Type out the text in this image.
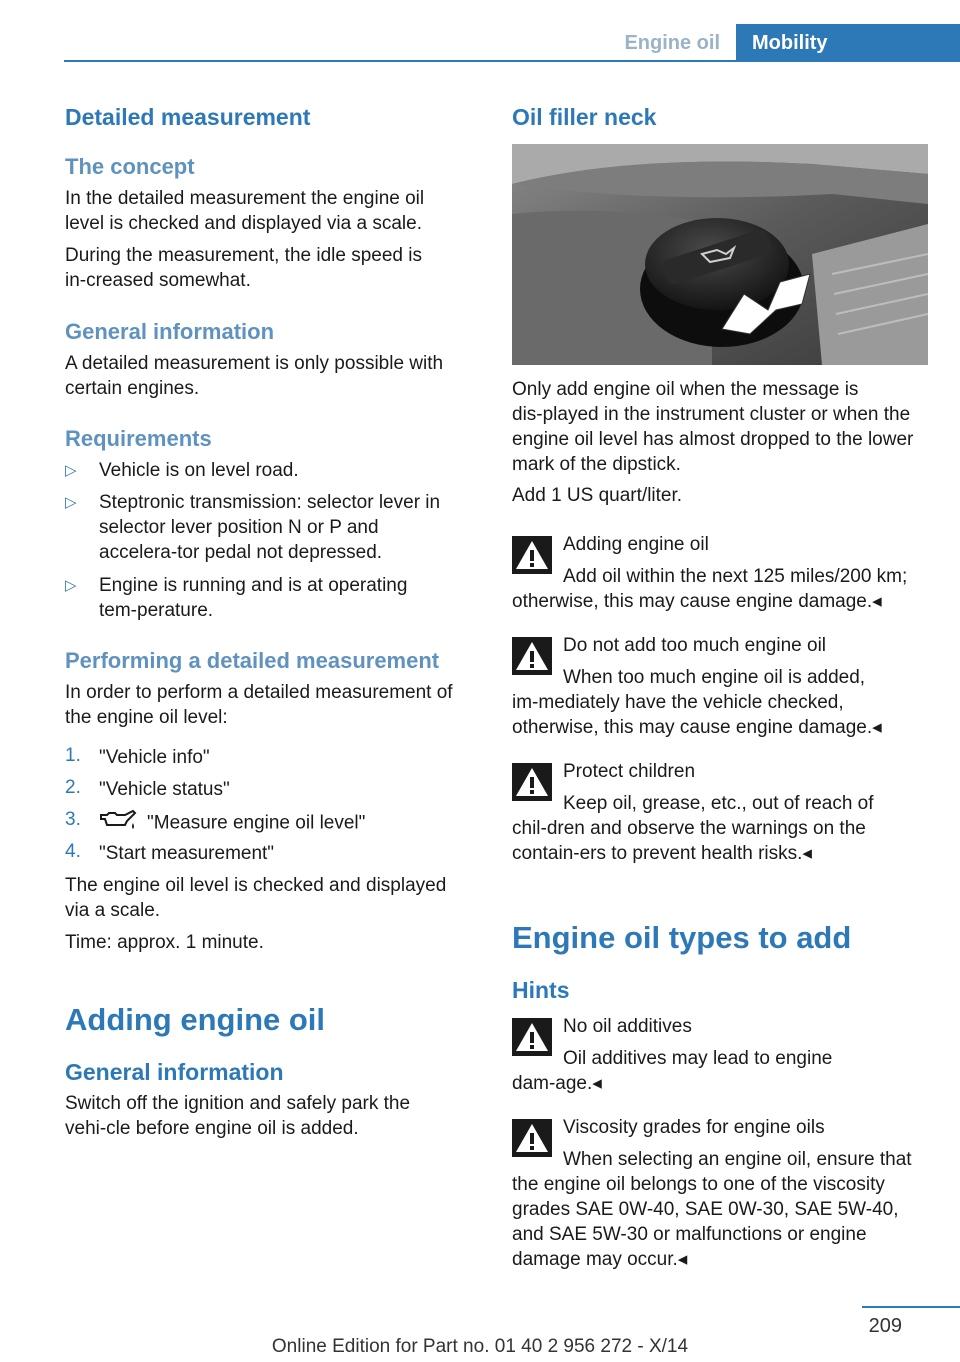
Engine oil	Mobility
Detailed measurement
The concept

In the detailed measurement the engine oil level is checked and displayed via a scale.

During the measurement, the idle speed is in‑creased somewhat.

General information

A detailed measurement is only possible with certain engines.

Requirements
▷ Vehicle is on level road.
▷ Steptronic transmission: selector lever in selector lever position N or P and accelera‑tor pedal not depressed.
▷ Engine is running and is at operating tem‑perature.
Performing a detailed measurement

In order to perform a detailed measurement of the engine oil level:

1. "Vehicle info"
2. "Vehicle status"
3.	"Measure engine oil level"
4. "Start measurement"

The engine oil level is checked and displayed via a scale.

Time: approx. 1 minute.

Adding engine oil
General information

Switch off the ignition and safely park the vehi‑cle before engine oil is added.

Oil filler neck

Only add engine oil when the message is dis‑played in the instrument cluster or when the engine oil level has almost dropped to the lower mark of the dipstick.

Add 1 US quart/liter.

Adding engine oil
Add oil within the next 125 miles/200 km; otherwise, this may cause engine damage.◂
Do not add too much engine oil
When too much engine oil is added, im‑mediately have the vehicle checked, otherwise, this may cause engine damage.◂
Protect children
Keep oil, grease, etc., out of reach of chil‑dren and observe the warnings on the contain‑ers to prevent health risks.◂
Engine oil types to add
Hints
No oil additives
Oil additives may lead to engine dam‑age.◂
Viscosity grades for engine oils
When selecting an engine oil, ensure that the engine oil belongs to one of the viscosity grades SAE 0W-40, SAE 0W-30, SAE 5W-40, and SAE 5W-30 or malfunctions or engine damage may occur.◂
209
Online Edition for Part no. 01 40 2 956 272 - X/14
